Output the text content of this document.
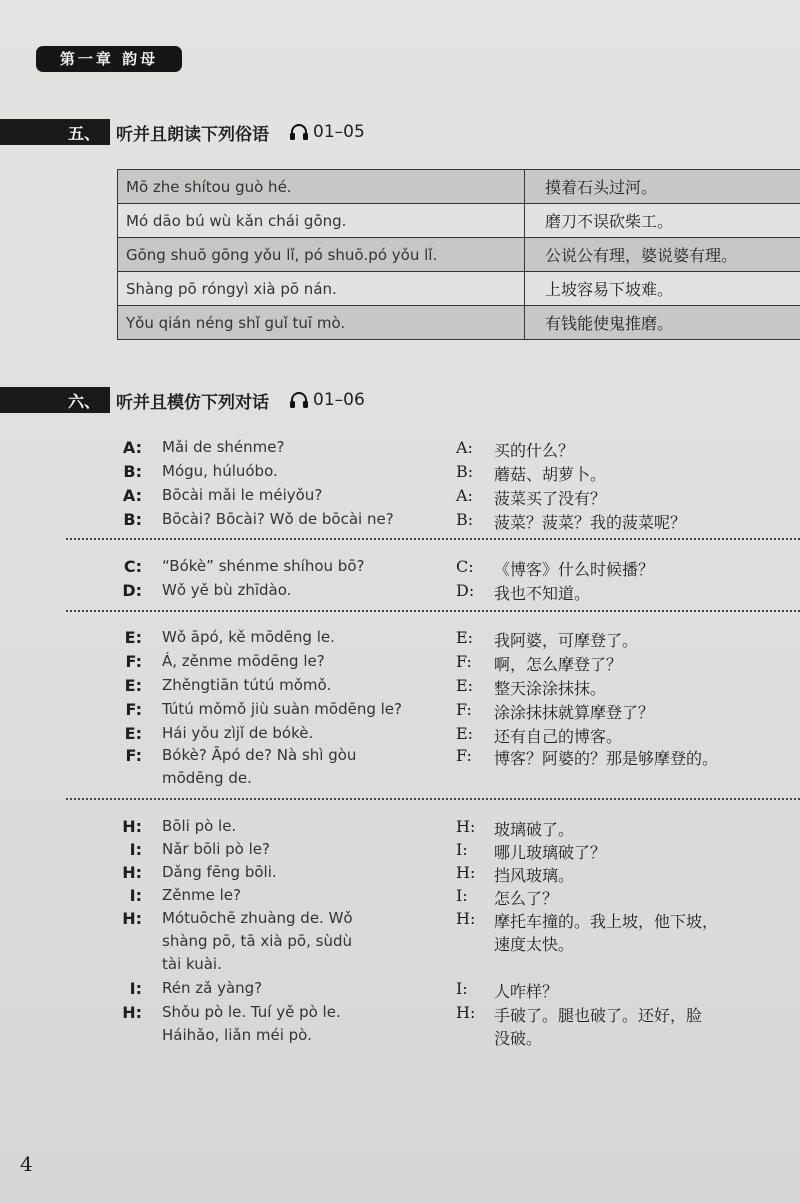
第一章 韵母
五、 听并且朗读下列俗语	01–05
Mō zhe shítou guò hé.	摸着石头过河。
Mó dāo bú wù kǎn chái gōng.	磨刀不误砍柴工。
Gōng shuō gōng yǒu lǐ, pó shuō.pó yǒu lǐ.	公说公有理，婆说婆有理。
Shàng pō róngyì xià pō nán.	上坡容易下坡难。
Yǒu qián néng shǐ guǐ tuī mò.	有钱能使鬼推磨。
六、 听并且模仿下列对话	01–06
A: Mǎi de shénme?	A: 买的什么？
B: Mógu, húluóbo.	B: 蘑菇、胡萝卜。
A: Bōcài mǎi le méiyǒu?	A: 菠菜买了没有？
B: Bōcài? Bōcài? Wǒ de bōcài ne?	B: 菠菜？菠菜？我的菠菜呢？
C: “Bókè” shénme shíhou bō?	C: 《博客》什么时候播？
D: Wǒ yě bù zhīdào.	D: 我也不知道。
E: Wǒ āpó, kě mōdēng le.	E: 我阿婆，可摩登了。
F: Á, zěnme mōdēng le?	F: 啊，怎么摩登了？
E: Zhěngtiān tútú mǒmǒ.	E: 整天涂涂抹抹。
F: Tútú mǒmǒ jiù suàn mōdēng le?	F: 涂涂抹抹就算摩登了？
E: Hái yǒu zìjǐ de bókè.	E: 还有自己的博客。
F: Bókè? Āpó de? Nà shì gòu	F: 博客？阿婆的？那是够摩登的。
mōdēng de.
H: Bōli pò le.	H: 玻璃破了。
I: Nǎr bōli pò le?	I: 哪儿玻璃破了？
H: Dǎng fēng bōli.	H: 挡风玻璃。
I: Zěnme le?	I: 怎么了？
H: Mótuōchē zhuàng de. Wǒ	H: 摩托车撞的。我上坡，他下坡，
shàng pō, tā xià pō, sùdù	速度太快。
tài kuài.
I: Rén zǎ yàng?	I: 人咋样？
H: Shǒu pò le. Tuí yě pò le.	H: 手破了。腿也破了。还好，脸
Háihǎo, liǎn méi pò.	没破。
4
